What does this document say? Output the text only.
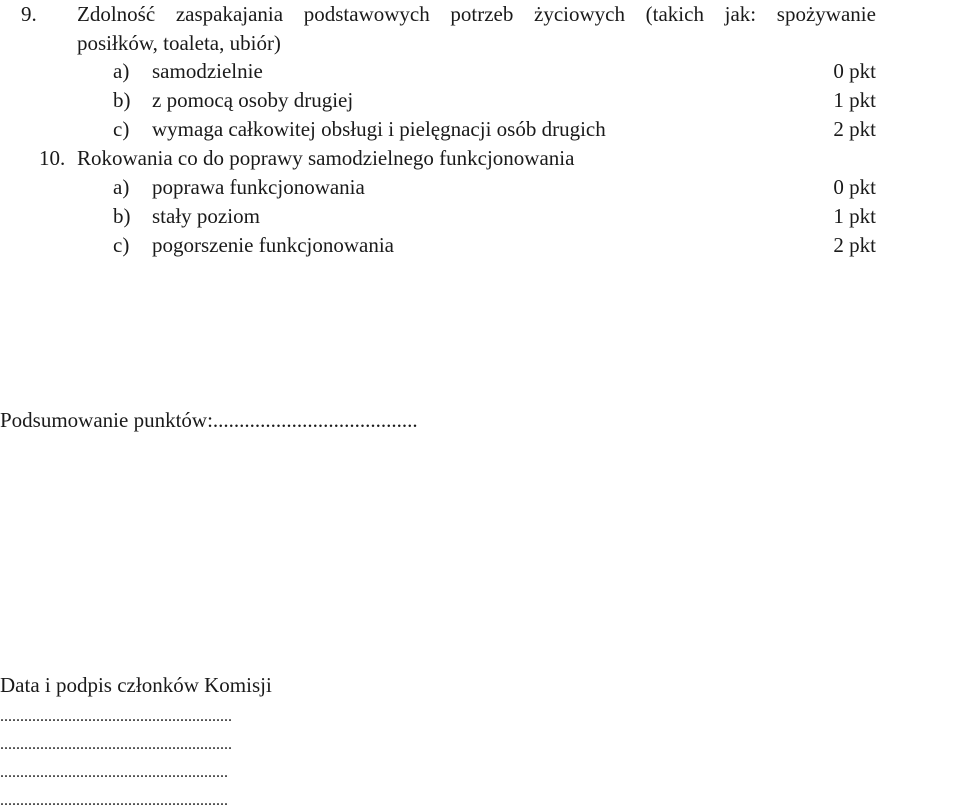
9. Zdolność zaspakajania podstawowych potrzeb życiowych (takich jak: spożywanie
posiłków, toaleta, ubiór)
a) samodzielnie	0 pkt
b) z pomocą osoby drugiej	1 pkt
c) wymaga całkowitej obsługi i pielęgnacji osób drugich	2 pkt
10. Rokowania co do poprawy samodzielnego funkcjonowania
a) poprawa funkcjonowania	0 pkt
b) stały poziom	1 pkt
c) pogorszenie funkcjonowania	2 pkt
Podsumowanie punktów:.......................................
Data i podpis członków Komisji
..........................................................
..........................................................
.........................................................
.........................................................
